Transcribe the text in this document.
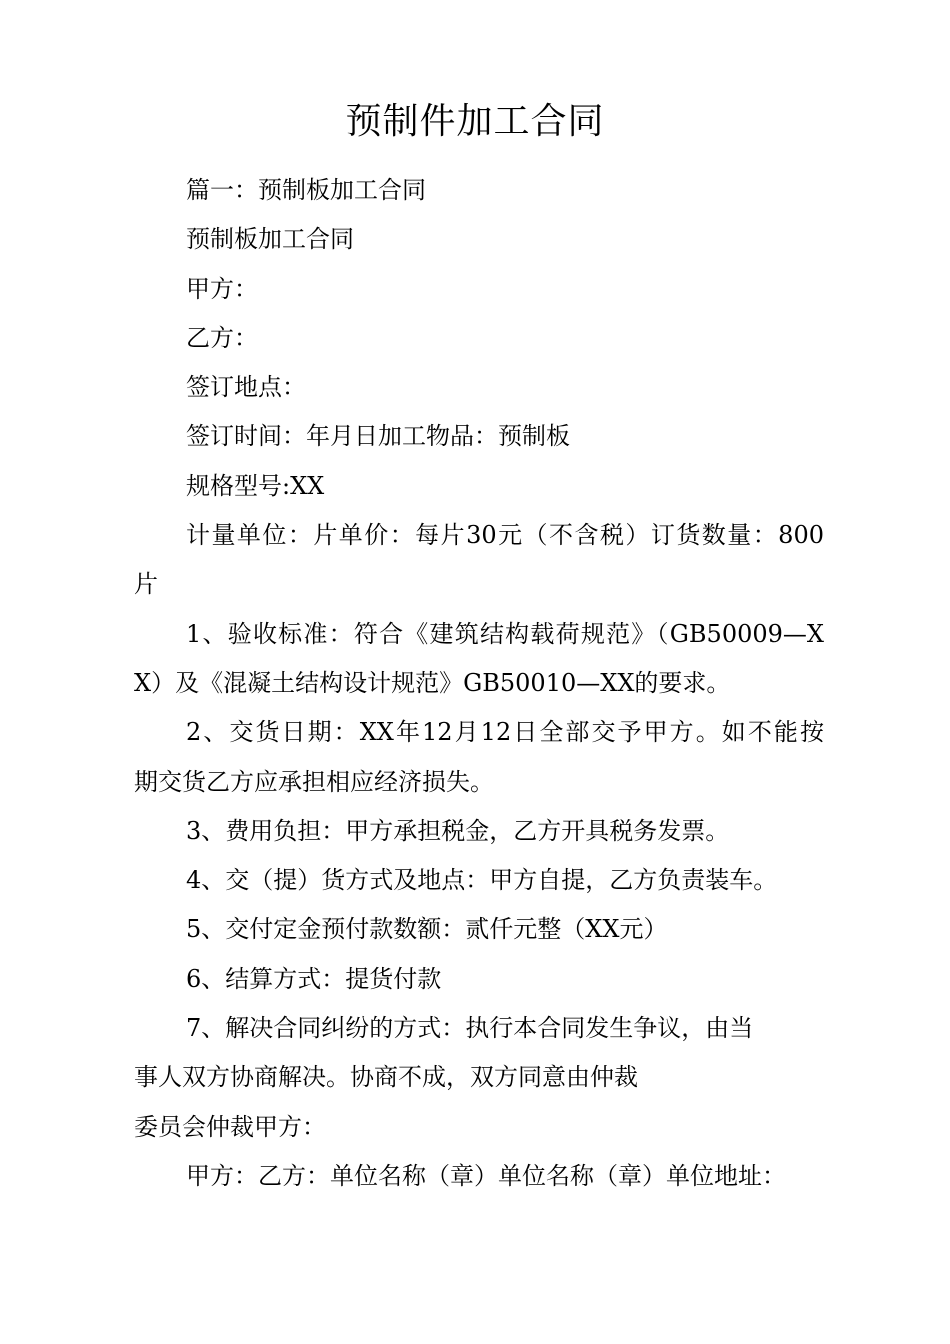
预制件加工合同
篇一：预制板加工合同
预制板加工合同
甲方：
乙方：
签订地点：
签订时间：年月日加工物品：预制板
规格型号:XX
计量单位：片单价：每片30元（不含税）订货数量：800
片
1、验收标准：符合《建筑结构载荷规范》（GB50009—X
X）及《混凝土结构设计规范》GB50010—XX的要求。
2、交货日期：XX年12月12日全部交予甲方。如不能按
期交货乙方应承担相应经济损失。
3、费用负担：甲方承担税金，乙方开具税务发票。
4、交（提）货方式及地点：甲方自提，乙方负责装车。
5、交付定金预付款数额：贰仟元整（XX元）
6、结算方式：提货付款
7、解决合同纠纷的方式：执行本合同发生争议，由当
事人双方协商解决。协商不成，双方同意由仲裁
委员会仲裁甲方：
甲方：乙方：单位名称（章）单位名称（章）单位地址：
